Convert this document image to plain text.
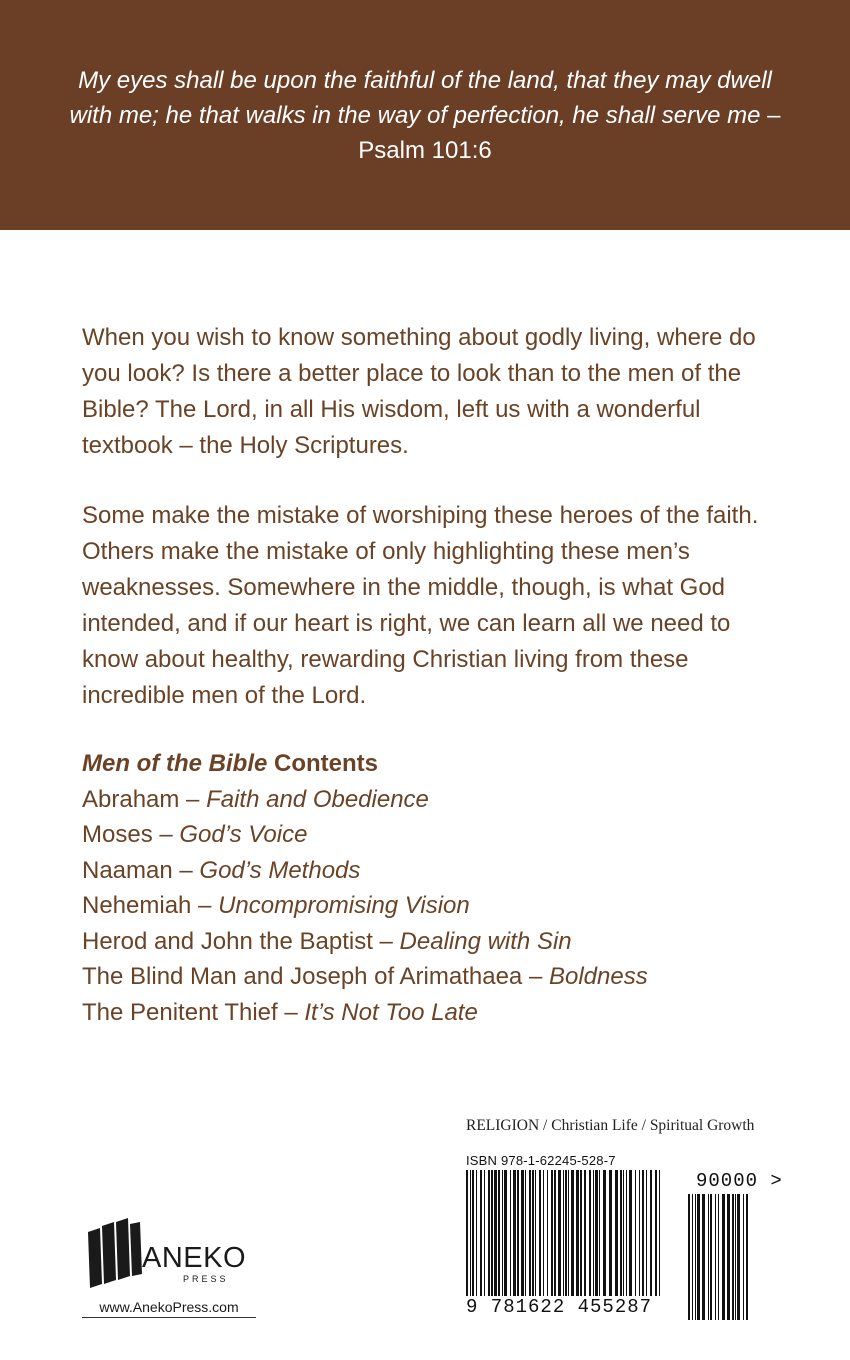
My eyes shall be upon the faithful of the land, that they may dwell with me; he that walks in the way of perfection, he shall serve me – Psalm 101:6

When you wish to know something about godly living, where do you look? Is there a better place to look than to the men of the Bible? The Lord, in all His wisdom, left us with a wonderful textbook – the Holy Scriptures.

Some make the mistake of worshiping these heroes of the faith. Others make the mistake of only highlighting these men’s weaknesses. Somewhere in the middle, though, is what God intended, and if our heart is right, we can learn all we need to know about healthy, rewarding Christian living from these incredible men of the Lord.

Men of the Bible Contents
Abraham – Faith and Obedience
Moses – God’s Voice
Naaman – God’s Methods
Nehemiah – Uncompromising Vision
Herod and John the Baptist – Dealing with Sin
The Blind Man and Joseph of Arimathaea – Boldness
The Penitent Thief – It’s Not Too Late
RELIGION / Christian Life / Spiritual Growth
ISBN 978-1-62245-528-7
9 781622 455287
90000 >
ANEKO
PRESS
www.AnekoPress.com
